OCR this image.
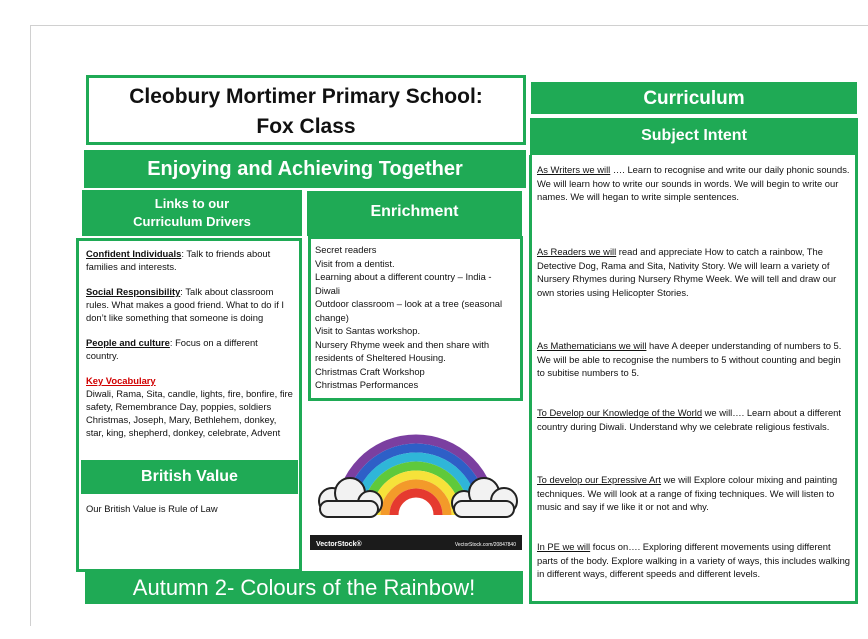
Cleobury Mortimer Primary School:
Fox Class
Enjoying and Achieving Together
Links to our
Curriculum Drivers
Enrichment

Confident Individuals: Talk to friends about families and interests.

Social Responsibility: Talk about classroom rules. What makes a good friend. What to do if I don’t like something that someone is doing

People and culture: Focus on a different country.

Key Vocabulary
Diwali, Rama, Sita, candle, lights, fire, bonfire, fire safety, Remembrance Day, poppies, soldiers Christmas, Joseph, Mary, Bethlehem, donkey, star, king, shepherd, donkey, celebrate, Advent

British Value
Our British Value is Rule of Law
Secret readers
Visit from a dentist.
Learning about a different country – India - Diwali
Outdoor classroom – look at a tree (seasonal change)
Visit to Santas workshop.
Nursery Rhyme week and then share with residents of Sheltered Housing.
Christmas Craft Workshop
Christmas Performances
VectorStock®	VectorStock.com/20847840
Autumn 2- Colours of the Rainbow!
Curriculum
Subject Intent
As Writers we will …. Learn to recognise and write our daily phonic sounds. We will learn how to write our sounds in words. We will begin to write our names. We will hegan to write simple sentences.
As Readers we will read and appreciate How to catch a rainbow, The Detective Dog, Rama and Sita, Nativity Story. We will learn a variety of Nursery Rhymes during Nursery Rhyme Week. We will tell and draw our own stories using Helicopter Stories.
As Mathematicians we will have A deeper understanding of numbers to 5. We will be able to recognise the numbers to 5 without counting and begin to subitise numbers to 5.
To Develop our Knowledge of the World we will…. Learn about a different country during Diwali. Understand why we celebrate religious festivals.
To develop our Expressive Art we will Explore colour mixing and painting techniques. We will look at a range of fixing techniques. We will listen to music and say if we like it or not and why.
In PE we will focus on…. Exploring different movements using different parts of the body. Explore walking in a variety of ways, this includes walking in different ways, different speeds and different levels.
